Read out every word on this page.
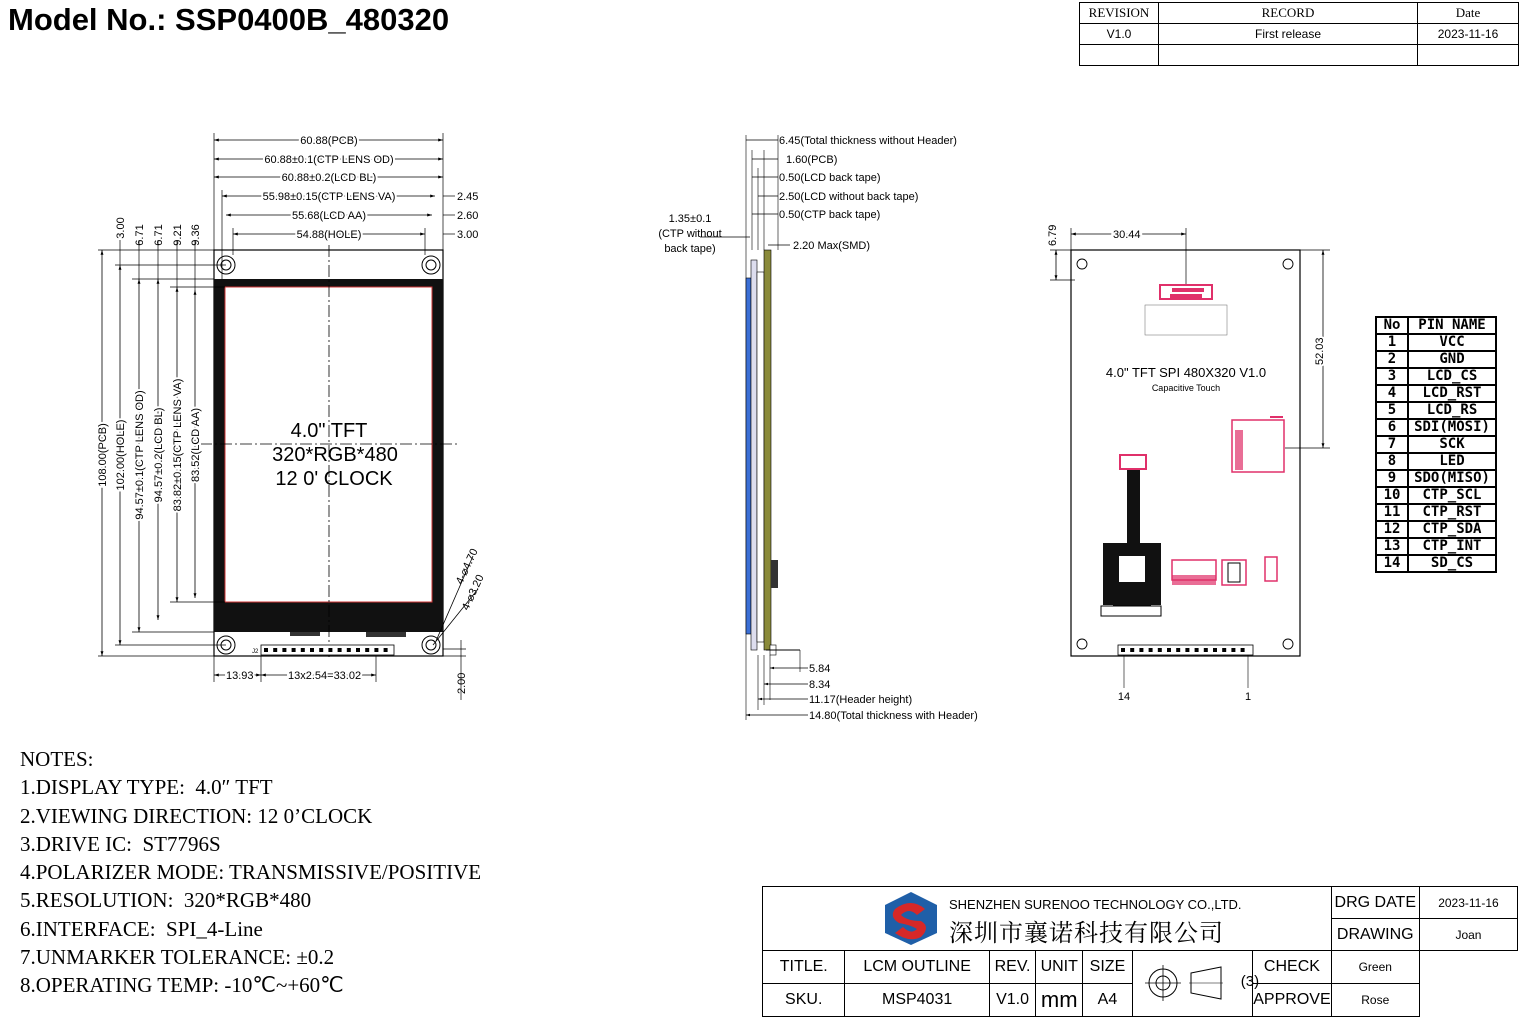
Model No.: SSP0400B_480320	REVISION	RECORD	Date
V1.0	First release	2023-11-16

60.88(PCB)
60.88±0.1(CTP LENS OD)
60.88±0.2(LCD BL)
55.98±0.15(CTP LENS VA)
55.68(LCD AA)
54.88(HOLE)
2.45
2.60
3.00
4.0" TFT
320*RGB*480
12 0' CLOCK
J2
3.00 6.71 6.71 9.21 9.36
108.00(PCB) 102.00(HOLE) 94.57±0.1(CTP LENS OD) 94.57±0.2(LCD BL) 83.82±0.15(CTP LENS VA) 83.52(LCD AA)
4-⌀4.70
4-⌀3.20
13.93	13x2.54=33.02	2.00
6.45(Total thickness without Header)
1.60(PCB)
0.50(LCD back tape)
2.50(LCD without back tape)
0.50(CTP back tape)
2.20 Max(SMD)
1.35±0.1
(CTP without
back tape)
5.84
8.34
11.17(Header height)
14.80(Total thickness with Header)
30.44
6.79
52.03
4.0" TFT SPI 480X320 V1.0
Capacitive Touch
14	1
No	PIN NAME
1	VCC
2	GND
3	LCD_CS
4	LCD_RST
5	LCD_RS
6	SDI(MOSI)
7	SCK
8	LED
9	SDO(MISO)
10	CTP_SCL
11	CTP_RST
12	CTP_SDA
13	CTP_INT
14	SD_CS
NOTES:
1.DISPLAY TYPE:  4.0″ TFT
2.VIEWING DIRECTION: 12 0’CLOCK
3.DRIVE IC:  ST7796S
4.POLARIZER MODE: TRANSMISSIVE/POSITIVE
5.RESOLUTION:  320*RGB*480
6.INTERFACE:  SPI_4-Line
7.UNMARKER TOLERANCE: ±0.2
8.OPERATING TEMP: -10℃~+60℃
SHENZHEN SURENOO TECHNOLOGY CO.,LTD.
深圳市襄诺科技有限公司							DRG DATE	2023-11-16
							DRAWING	Joan
TITLE.	LCM OUTLINE	REV.	UNIT	SIZE	(3)	CHECK	Green	
SKU.	MSP4031	V1.0	mm	A4		APPROVE	Rose	
